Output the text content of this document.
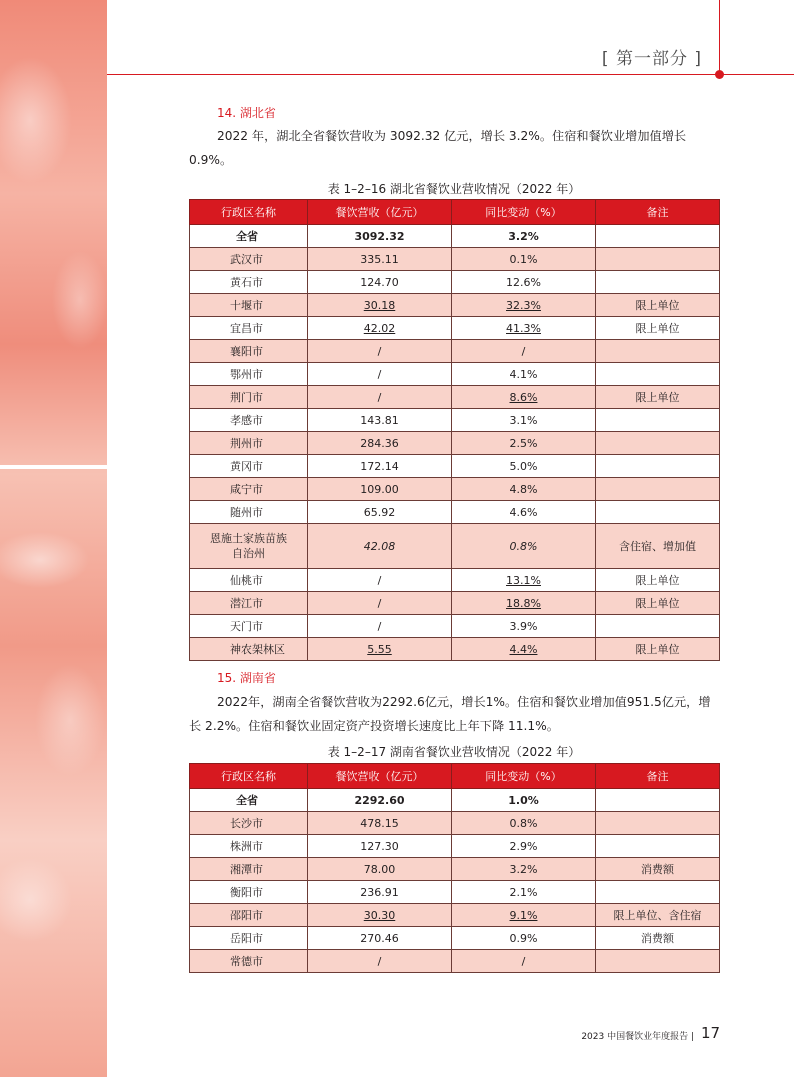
[ 第一部分 ]
14. 湖北省

2022 年，湖北全省餐饮营收为 3092.32 亿元，增长 3.2%。住宿和餐饮业增加值增长 0.9%。

表 1–2–16 湖北省餐饮业营收情况（2022 年）
行政区名称	餐饮营收（亿元）	同比变动（%）	备注
全省	3092.32	3.2%	
武汉市	335.11	0.1%	
黄石市	124.70	12.6%	
十堰市	30.18	32.3%	限上单位
宜昌市	42.02	41.3%	限上单位
襄阳市	/	/	
鄂州市	/	4.1%	
荆门市	/	8.6%	限上单位
孝感市	143.81	3.1%	
荆州市	284.36	2.5%	
黄冈市	172.14	5.0%	
咸宁市	109.00	4.8%	
随州市	65.92	4.6%	
恩施土家族苗族自治州	42.08	0.8%	含住宿、增加值
仙桃市	/	13.1%	限上单位
潜江市	/	18.8%	限上单位
天门市	/	3.9%	
神农架林区	5.55	4.4%	限上单位
15. 湖南省

2022年，湖南全省餐饮营收为2292.6亿元，增长1%。住宿和餐饮业增加值951.5亿元，增长 2.2%。住宿和餐饮业固定资产投资增长速度比上年下降 11.1%。

表 1–2–17 湖南省餐饮业营收情况（2022 年）
行政区名称	餐饮营收（亿元）	同比变动（%）	备注
全省	2292.60	1.0%	
长沙市	478.15	0.8%	
株洲市	127.30	2.9%	
湘潭市	78.00	3.2%	消费额
衡阳市	236.91	2.1%	
邵阳市	30.30	9.1%	限上单位、含住宿
岳阳市	270.46	0.9%	消费额
常德市	/	/	
2023 中国餐饮业年度报告 | 17
